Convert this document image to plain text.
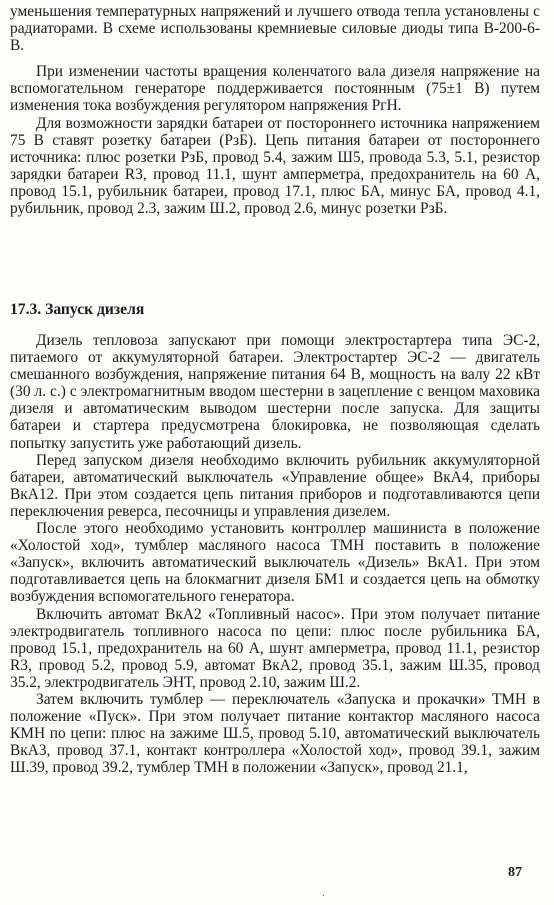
уменьшения температурных напряжений и лучшего отвода тепла установлены с радиаторами. В схеме использованы кремниевые силовые диоды типа В-200-6-В.

При изменении частоты вращения коленчатого вала дизеля напряжение на вспомогательном генераторе поддерживается постоянным (75±1 В) путем изменения тока возбуждения регулятором напряжения РгН.

Для возможности зарядки батареи от постороннего источника напряжением 75 В ставят розетку батареи (РзБ). Цепь питания батареи от постороннего источника: плюс розетки РзБ, провод 5.4, зажим Ш5, провода 5.3, 5.1, резистор зарядки батареи R3, провод 11.1, шунт амперметра, предохранитель на 60 А, провод 15.1, рубильник батареи, провод 17.1, плюс БА, минус БА, провод 4.1, рубильник, провод 2.3, зажим Ш.2, провод 2.6, минус розетки РзБ.

17.3. Запуск дизеля

Дизель тепловоза запускают при помощи электростартера типа ЭС-2, питаемого от аккумуляторной батареи. Электростартер ЭС-2 — двигатель смешанного возбуждения, напряжение питания 64 В, мощность на валу 22 кВт (30 л. с.) с электромагнитным вводом шестерни в зацепление с венцом маховика дизеля и автоматическим выводом шестерни после запуска. Для защиты батареи и стартера предусмотрена блокировка, не позволяющая сделать попытку запустить уже работающий дизель.

Перед запуском дизеля необходимо включить рубильник аккумуляторной батареи, автоматический выключатель «Управление общее» ВкА4, приборы ВкА12. При этом создается цепь питания приборов и подготавливаются цепи переключения реверса, песочницы и управления дизелем.

После этого необходимо установить контроллер машиниста в положение «Холостой ход», тумблер масляного насоса ТМН поставить в положение «Запуск», включить автоматический выключатель «Дизель» ВкА1. При этом подготавливается цепь на блокмагнит дизеля БМ1 и создается цепь на обмотку возбуждения вспомогательного генератора.

Включить автомат ВкА2 «Топливный насос». При этом получает питание электродвигатель топливного насоса по цепи: плюс после рубильника БА, провод 15.1, предохранитель на 60 А, шунт амперметра, провод 11.1, резистор R3, провод 5.2, провод 5.9, автомат ВкА2, провод 35.1, зажим Ш.35, провод 35.2, электродвигатель ЭНТ, провод 2.10, зажим Ш.2.

Затем включить тумблер — переключатель «Запуска и прокачки» ТМН в положение «Пуск». При этом получает питание контактор масляного насоса КМН по цепи: плюс на зажиме Ш.5, провод 5.10, автоматический выключатель ВкА3, провод 37.1, контакт контроллера «Холостой ход», провод 39.1, зажим Ш.39, провод 39.2, тумблер ТМН в положении «Запуск», провод 21.1,

87
·
